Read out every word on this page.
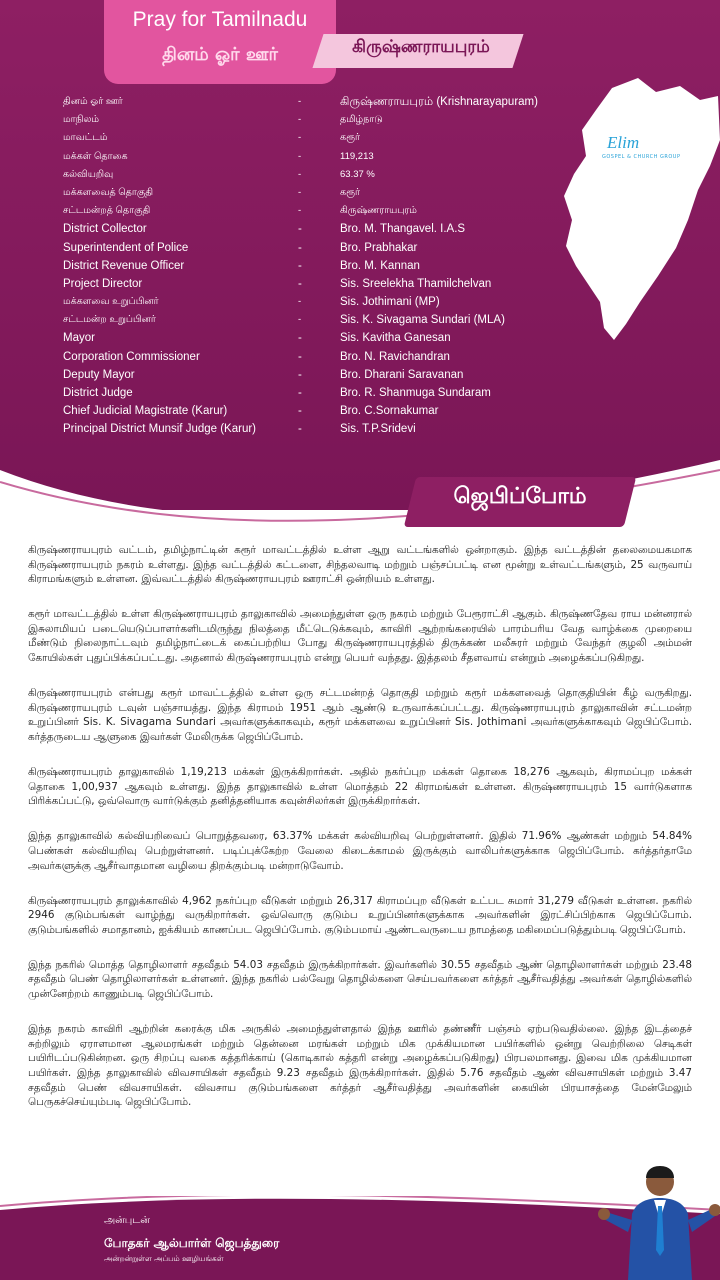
Pray for Tamilnadu
தினம் ஓர் ஊர்	கிருஷ்ணராயபுரம்
தினம் ஓர் ஊர்	-	கிருஷ்ணராயபுரம் (Krishnarayapuram)
மாநிலம்	-	தமிழ்நாடு
மாவட்டம்	-	கரூர்
மக்கள் தொகை	-	119,213
கல்வியறிவு	-	63.37 %
மக்களவைத் தொகுதி	-	கரூர்
சட்டமன்றத் தொகுதி	-	கிருஷ்ணராயபுரம்
District Collector	-	Bro. M. Thangavel. I.A.S
Superintendent of Police	-	Bro. Prabhakar
District Revenue Officer	-	Bro. M. Kannan
Project Director	-	Sis. Sreelekha Thamilchelvan
மக்களவை உறுப்பினர்	-	Sis. Jothimani (MP)
சட்டமன்ற உறுப்பினர்	-	Sis. K. Sivagama Sundari (MLA)
Mayor	-	Sis. Kavitha Ganesan
Corporation Commissioner	-	Bro. N. Ravichandran
Deputy Mayor	-	Bro. Dharani Saravanan
District Judge	-	Bro. R. Shanmuga Sundaram
Chief Judicial Magistrate (Karur)	-	Bro. C.Sornakumar
Principal District Munsif Judge (Karur)	-	Sis. T.P.Sridevi
Elim
GOSPEL & CHURCH GROUP
ஜெபிப்போம்

கிருஷ்ணராயபுரம் வட்டம், தமிழ்நாட்டின் கரூர் மாவட்டத்தில் உள்ள ஆறு வட்டங்களில் ஒன்றாகும். இந்த வட்டத்தின் தலைமையகமாக கிருஷ்ணராயபுரம் நகரம் உள்ளது. இந்த வட்டத்தில் கட்டளை, சிந்தலவாடி மற்றும் பஞ்சப்பட்டி என மூன்று உள்வட்டங்களும், 25 வருவாய் கிராமங்களும் உள்ளன. இவ்வட்டத்தில் கிருஷ்ணராயபுரம் ஊராட்சி ஒன்றியம் உள்ளது.

கரூர் மாவட்டத்தில் உள்ள கிருஷ்ணராயபுரம் தாலுகாவில் அமைந்துள்ள ஒரு நகரம் மற்றும் பேரூராட்சி ஆகும். கிருஷ்ணதேவ ராய மன்னரால் இசுலாமியப் படையெடுப்பாளர்களிடமிருந்து நிலத்தை மீட்டெடுக்கவும், காவிரி ஆற்றங்கரையில் பாரம்பரிய வேத வாழ்க்கை முறையை மீண்டும் நிலைநாட்டவும் தமிழ்நாட்டைக் கைப்பற்றிய போது கிருஷ்ணராயபுரத்தில் திருக்கண் மலீசுரர் மற்றும் வேந்தர் குழலி அம்மன் கோயில்கள் புதுப்பிக்கப்பட்டது. அதனால் கிருஷ்ணராயபுரம் என்று பெயர் வந்தது. இத்தலம் சீதளவாய் என்றும் அழைக்கப்படுகிறது.

கிருஷ்ணராயபுரம் என்பது கரூர் மாவட்டத்தில் உள்ள ஒரு சட்டமன்றத் தொகுதி மற்றும் கரூர் மக்களவைத் தொகுதியின் கீழ் வருகிறது. கிருஷ்ணராயபுரம் டவுன் பஞ்சாயத்து. இந்த கிராமம் 1951 ஆம் ஆண்டு உருவாக்கப்பட்டது. கிருஷ்ணராயபுரம் தாலுகாவின் சட்டமன்ற உறுப்பினர் Sis. K. Sivagama Sundari அவர்களுக்காகவும், கரூர் மக்களவை உறுப்பினர் Sis. Jothimani அவர்களுக்காகவும் ஜெபிப்போம். கர்த்தருடைய ஆளுகை இவர்கள் மேலிருக்க ஜெபிப்போம்.

கிருஷ்ணராயபுரம் தாலுகாவில் 1,19,213 மக்கள் இருக்கிறார்கள். அதில் நகர்ப்புற மக்கள் தொகை 18,276 ஆகவும், கிராமப்புற மக்கள் தொகை 1,00,937 ஆகவும் உள்ளது. இந்த தாலுகாவில் உள்ள மொத்தம் 22 கிராமங்கள் உள்ளன. கிருஷ்ணராயபுரம் 15 வார்டுகளாக பிரிக்கப்பட்டு, ஒவ்வொரு வார்டுக்கும் தனித்தனியாக கவுன்சிலர்கள் இருக்கிறார்கள்.

இந்த தாலுகாவில் கல்வியறிவைப் பொறுத்தவரை, 63.37% மக்கள் கல்வியறிவு பெற்றுள்ளனர். இதில் 71.96% ஆண்கள் மற்றும் 54.84% பெண்கள் கல்வியறிவு பெற்றுள்ளனர். படிப்புக்கேற்ற வேலை கிடைக்காமல் இருக்கும் வாலிபர்களுக்காக ஜெபிப்போம். கர்த்தர்தாமே அவர்களுக்கு ஆசீர்வாதமான வழியை திறக்கும்படி மன்றாடுவோம்.

கிருஷ்ணராயபுரம் தாலுக்காவில் 4,962 நகர்ப்புற வீடுகள் மற்றும் 26,317 கிராமப்புற வீடுகள் உட்பட சுமார் 31,279 வீடுகள் உள்ளன. நகரில் 2946 குடும்பங்கள் வாழ்ந்து வருகிறார்கள். ஒவ்வொரு குடும்ப உறுப்பினர்களுக்காக அவர்களின் இரட்சிப்பிற்காக ஜெபிப்போம். குடும்பங்களில் சமாதானம், ஐக்கியம் காணப்பட ஜெபிப்போம். குடும்பமாய் ஆண்டவருடைய நாமத்தை மகிமைப்படுத்தும்படி ஜெபிப்போம்.

இந்த நகரில் மொத்த தொழிலாளர் சதவீதம் 54.03 சதவீதம் இருக்கிறார்கள். இவர்களில் 30.55 சதவீதம் ஆண் தொழிலாளர்கள் மற்றும் 23.48 சதவீதம் பெண் தொழிலாளர்கள் உள்ளனர். இந்த நகரில் பல்வேறு தொழில்களை செய்பவர்களை கர்த்தர் ஆசீர்வதித்து அவர்கள் தொழில்களில் முன்னேற்றம் காணும்படி ஜெபிப்போம்.

இந்த நகரம் காவிரி ஆற்றின் கரைக்கு மிக அருகில் அமைந்துள்ளதால் இந்த ஊரில் தண்ணீர் பஞ்சம் ஏற்படுவதில்லை. இந்த இடத்தைச் சுற்றிலும் ஏராளமான ஆலமரங்கள் மற்றும் தென்னை மரங்கள் மற்றும் மிக முக்கியமான பயிர்களில் ஒன்று வெற்றிலை செடிகள் பயிரிடப்படுகின்றன. ஒரு சிறப்பு வகை கத்தரிக்காய் (கொடிகால் கத்தரி என்று அழைக்கப்படுகிறது) பிரபலமானது. இவை மிக முக்கியமான பயிர்கள். இந்த தாலுகாவில் விவசாயிகள் சதவீதம் 9.23 சதவீதம் இருக்கிறார்கள். இதில் 5.76 சதவீதம் ஆண் விவசாயிகள் மற்றும் 3.47 சதவீதம் பெண் விவசாயிகள். விவசாய குடும்பங்களை கர்த்தர் ஆசீர்வதித்து அவர்களின் கையின் பிரயாசத்தை மேன்மேலும் பெருகச்செய்யும்படி ஜெபிப்போம்.

அன்புடன்
போதகர் ஆல்பார்ள் ஜெபத்துரை
அன்றன்றுள்ள அப்பம் ஊழியங்கள்
